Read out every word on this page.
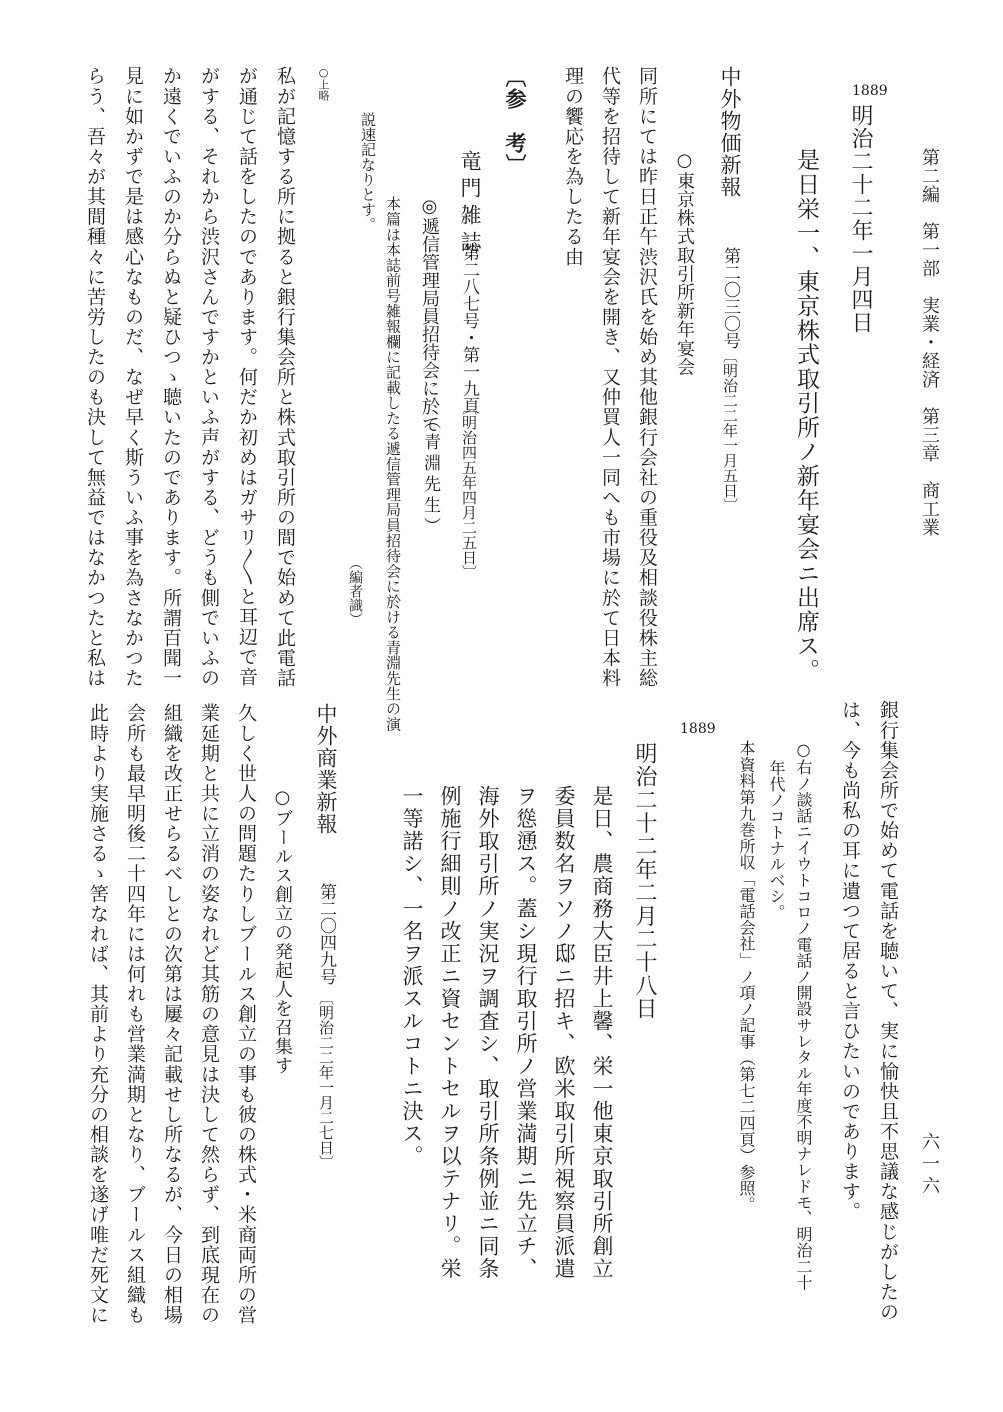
第二編　第一部　実業・経済　第三章　商工業
六一六
1889
明治二十二年一月四日
是日栄一、東京株式取引所ノ新年宴会ニ出席ス。
中外物価新報
第二〇三〇号
〔明治二二年一月五日〕
○東京株式取引所新年宴会
同所にては昨日正午渋沢氏を始め其他銀行会社の重役及相談役株主総
代等を招待して新年宴会を開き、又仲買人一同へも市場に於て日本料
理の饗応を為したる由
〔参　考〕
竜門雑誌
第二八七号・第一九頁
〔明治四五年四月二五日〕
◎遞信管理局員招待会に於て
（青淵先生）
本篇は本誌前号雑報欄に記載したる遞信管理局員招待会に於ける青淵先生の演
説速記なりとす。
（編者識）
○上略
私が記憶する所に拠ると銀行集会所と株式取引所の間で始めて此電話
が通じて話をしたのであります。何だか初めはガサリ〳〵と耳辺で音
がする、それから渋沢さんですかといふ声がする、どうも側でいふの
か遠くでいふのか分らぬと疑ひつゝ聴いたのであります。所謂百聞一
見に如かずで是は感心なものだ、なぜ早く斯ういふ事を為さなかつた
らう、吾々が其間種々に苦労したのも決して無益ではなかつたと私は
銀行集会所で始めて電話を聴いて、実に愉快且不思議な感じがしたの
は、今も尚私の耳に遺つて居ると言ひたいのであります。
○右ノ談話ニイウトコロノ電話ノ開設サレタル年度不明ナレドモ、明治二十
年代ノコトナルベシ。
本資料第九巻所収「電話会社」ノ項ノ記事（第七二四頁）参照。
1889
明治二十二年二月二十八日
是日、農商務大臣井上馨、栄一他東京取引所創立
委員数名ヲソノ邸ニ招キ、欧米取引所視察員派遣
ヲ慫慂ス。蓋シ現行取引所ノ営業満期ニ先立チ、
海外取引所ノ実況ヲ調査シ、取引所条例並ニ同条
例施行細則ノ改正ニ資セントセルヲ以テナリ。栄
一等諾シ、一名ヲ派スルコトニ決ス。
中外商業新報
第二〇四九号
〔明治二二年一月二七日〕
○ブールス創立の発起人を召集す
久しく世人の問題たりしブールス創立の事も彼の株式・米商両所の営
業延期と共に立消の姿なれど其筋の意見は決して然らず、到底現在の
組織を改正せらるべしとの次第は屢々記載せし所なるが、今日の相場
会所も最早明後二十四年には何れも営業満期となり、ブールス組織も
此時より実施さるゝ筈なれば、其前より充分の相談を遂げ唯だ死文に
